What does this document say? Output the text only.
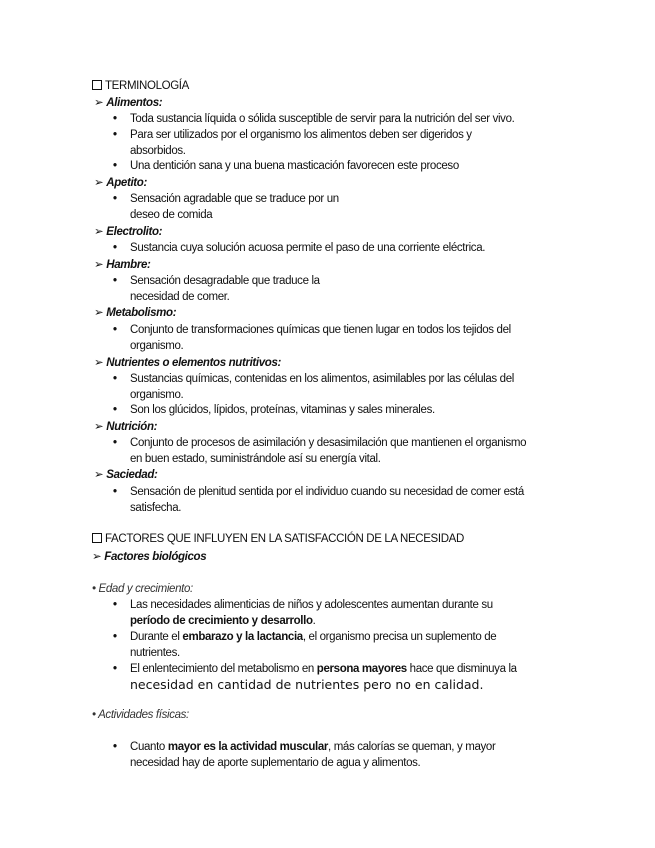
TERMINOLOGÍA
➢ Alimentos:
• Toda sustancia líquida o sólida susceptible de servir para la nutrición del ser vivo.
• Para ser utilizados por el organismo los alimentos deben ser digeridos y
absorbidos.
• Una dentición sana y una buena masticación favorecen este proceso
➢ Apetito:
• Sensación agradable que se traduce por un
deseo de comida
➢ Electrolito:
• Sustancia cuya solución acuosa permite el paso de una corriente eléctrica.
➢ Hambre:
• Sensación desagradable que traduce la
necesidad de comer.
➢ Metabolismo:
• Conjunto de transformaciones químicas que tienen lugar en todos los tejidos del
organismo.
➢ Nutrientes o elementos nutritivos:
• Sustancias químicas, contenidas en los alimentos, asimilables por las células del
organismo.
• Son los glúcidos, lípidos, proteínas, vitaminas y sales minerales.
➢ Nutrición:
• Conjunto de procesos de asimilación y desasimilación que mantienen el organismo
en buen estado, suministrándole así su energía vital.
➢ Saciedad:
• Sensación de plenitud sentida por el individuo cuando su necesidad de comer está
satisfecha.
FACTORES QUE INFLUYEN EN LA SATISFACCIÓN DE LA NECESIDAD
➢ Factores biológicos
• Edad y crecimiento:
• Las necesidades alimenticias de niños y adolescentes aumentan durante su
período de crecimiento y desarrollo.
• Durante el embarazo y la lactancia, el organismo precisa un suplemento de
nutrientes.
• El enlentecimiento del metabolismo en persona mayores hace que disminuya la
necesidad en cantidad de nutrientes pero no en calidad.
• Actividades físicas:
• Cuanto mayor es la actividad muscular, más calorías se queman, y mayor
necesidad hay de aporte suplementario de agua y alimentos.
